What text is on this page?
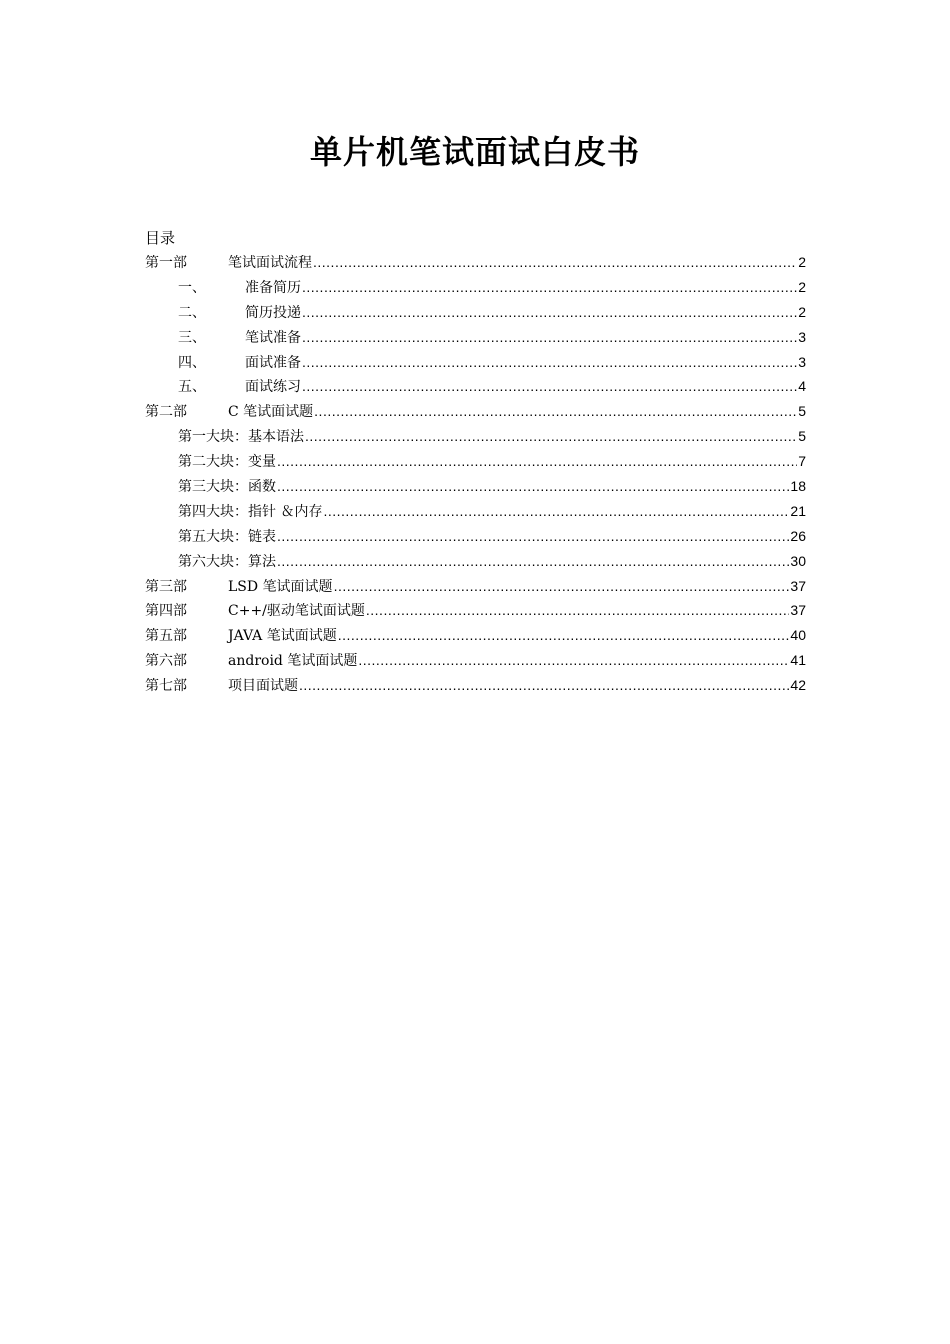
单片机笔试面试白皮书
目录
第一部	笔试面试流程 .....	2
一、	准备简历 .....	2
二、	简历投递 .....	2
三、	笔试准备 .....	3
四、	面试准备 .....	3
五、	面试练习 .....	4
第二部	C 笔试面试题 .....	5
第一大块： 基本语法 .....	5
第二大块： 变量 .....	7
第三大块： 函数 .....	18
第四大块： 指针 ＆内存 .....	21
第五大块： 链表 .....	26
第六大块： 算法 .....	30
第三部	LSD 笔试面试题 .....	37
第四部	C++/驱动笔试面试题 .....	37
第五部	JAVA 笔试面试题 .....	40
第六部	android 笔试面试题 .....	41
第七部	项目面试题 .....	42
